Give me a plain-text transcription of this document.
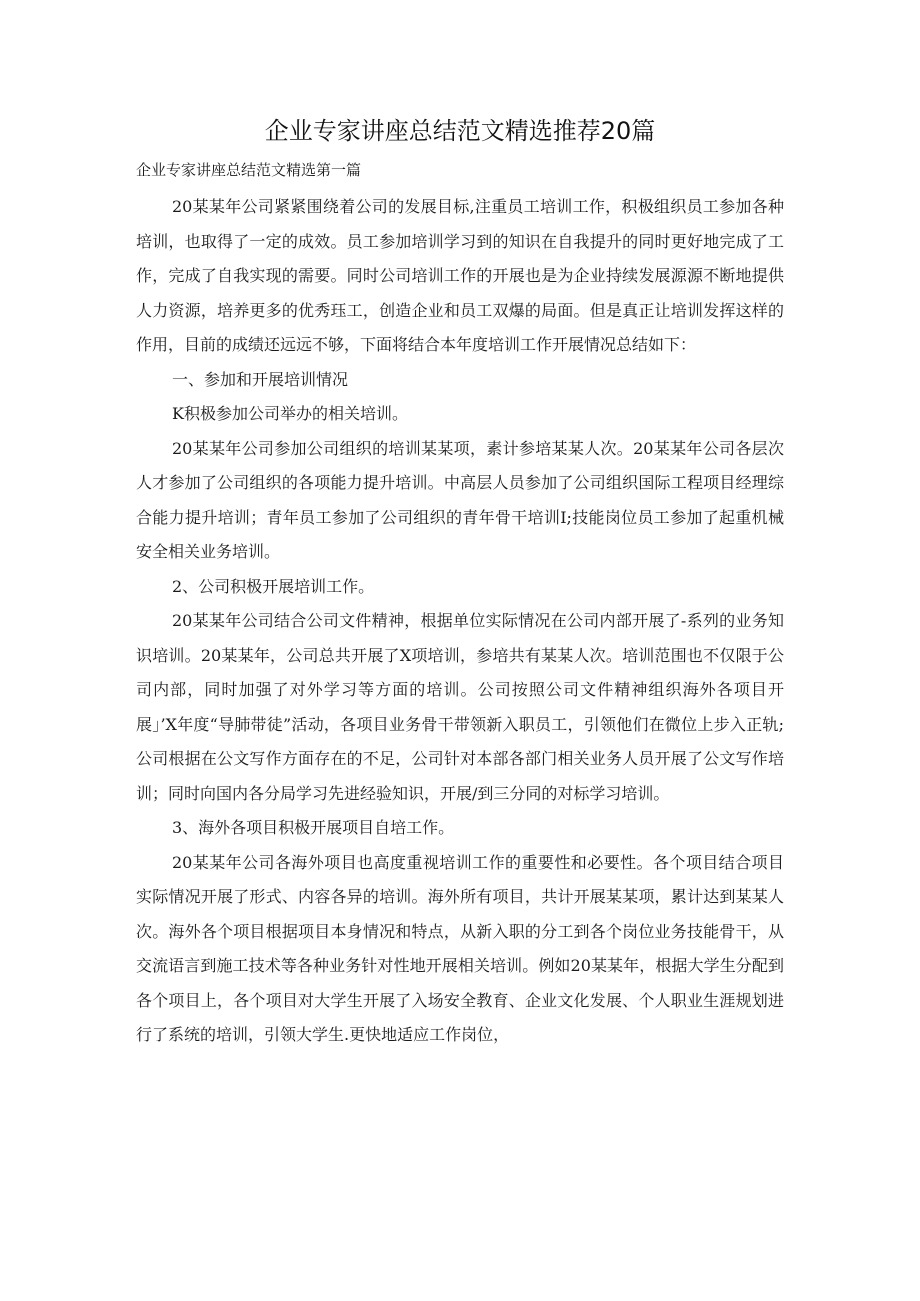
企业专家讲座总结范文精选推荐20篇

企业专家讲座总结范文精选第一篇

20某某年公司紧紧围绕着公司的发展目标,注重员工培训工作，积极组织员工参加各种培训，也取得了一定的成效。员工参加培训学习到的知识在自我提升的同时更好地完成了工作，完成了自我实现的需要。同时公司培训工作的开展也是为企业持续发展源源不断地提供人力资源，培养更多的优秀珏工，创造企业和员工双爆的局面。但是真正让培训发挥这样的作用，目前的成绩还远远不够，下面将结合本年度培训工作开展情况总结如下：

一、参加和开展培训情况

K积极参加公司举办的相关培训。

20某某年公司参加公司组织的培训某某项，素计参培某某人次。20某某年公司各层次人才参加了公司组织的各项能力提升培训。中高层人员参加了公司组织国际工程项目经理综合能力提升培训；青年员工参加了公司组织的青年骨干培训I;技能岗位员工参加了起重机械安全相关业务培训。

2、公司积极开展培训工作。

20某某年公司结合公司文件精神，根据单位实际情况在公司内部开展了-系列的业务知识培训。20某某年，公司总共开展了X项培训，参培共有某某人次。培训范围也不仅限于公司内部，同时加强了对外学习等方面的培训。公司按照公司文件精神组织海外各项目开展」’X年度“导肺带徒”活动，各项目业务骨干带领新入职员工，引领他们在微位上步入正轨;公司根据在公文写作方面存在的不足，公司针对本部各部门相关业务人员开展了公文写作培训；同时向国内各分局学习先进经验知识，开展/到三分同的对标学习培训。

3、海外各项目积极开展项目自培工作。

20某某年公司各海外项目也高度重视培训工作的重要性和必要性。各个项目结合项目实际情况开展了形式、内容各异的培训。海外所有项目，共计开展某某项，累计达到某某人次。海外各个项目根据项目本身情况和特点，从新入职的分工到各个岗位业务技能骨干，从交流语言到施工技术等各种业务针对性地开展相关培训。例如20某某年，根据大学生分配到各个项目上，各个项目对大学生开展了入场安全教育、企业文化发展、个人职业生涯规划进行了系统的培训，引领大学生.更快地适应工作岗位，
